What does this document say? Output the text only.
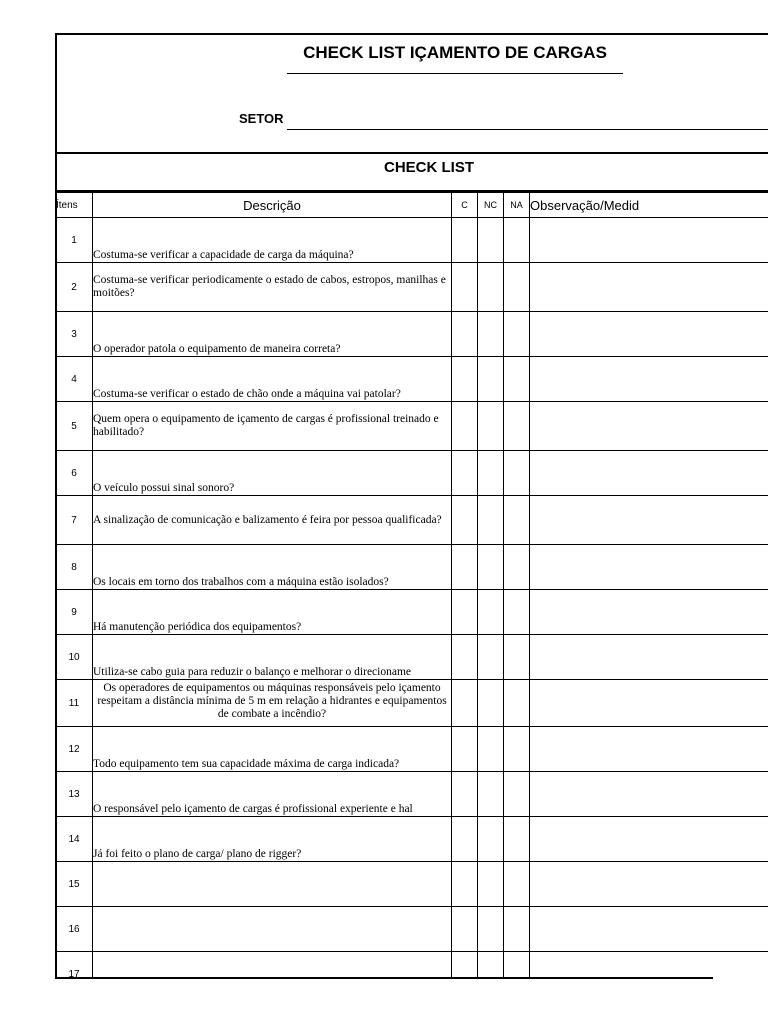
CHECK LIST IÇAMENTO DE CARGAS
SETOR
CHECK LIST
Ítens	Descrição	C	NC	NA	Observação/Medid
1	Costuma-se verificar a capacidade de carga da máquina?				
2	Costuma-se verificar periodicamente o estado de cabos, estropos, manilhas e moitões?				
3	O operador patola o equipamento de maneira correta?				
4	Costuma-se verificar o estado de chão onde a máquina vai patolar?				
5	Quem opera o equipamento de içamento de cargas é profissional treinado e habilitado?				
6	O veículo possui sinal sonoro?				
7	A sinalização de comunicação e balizamento é feira por pessoa qualificada?				
8	Os locais em torno dos trabalhos com a máquina estão isolados?				
9	Há manutenção periódica dos equipamentos?				
10	Utiliza-se cabo guia para reduzir o balanço e melhorar o direcioname				
11	Os operadores de equipamentos ou máquinas responsáveis pelo içamento respeitam a distância mínima de 5 m em relação a hidrantes e equipamentos de combate a incêndio?				
12	Todo equipamento tem sua capacidade máxima de carga indicada?				
13	O responsável pelo içamento de cargas é profissional experiente e hal				
14	Já foi feito o plano de carga/ plano de rigger?				
15					
16					
17					
